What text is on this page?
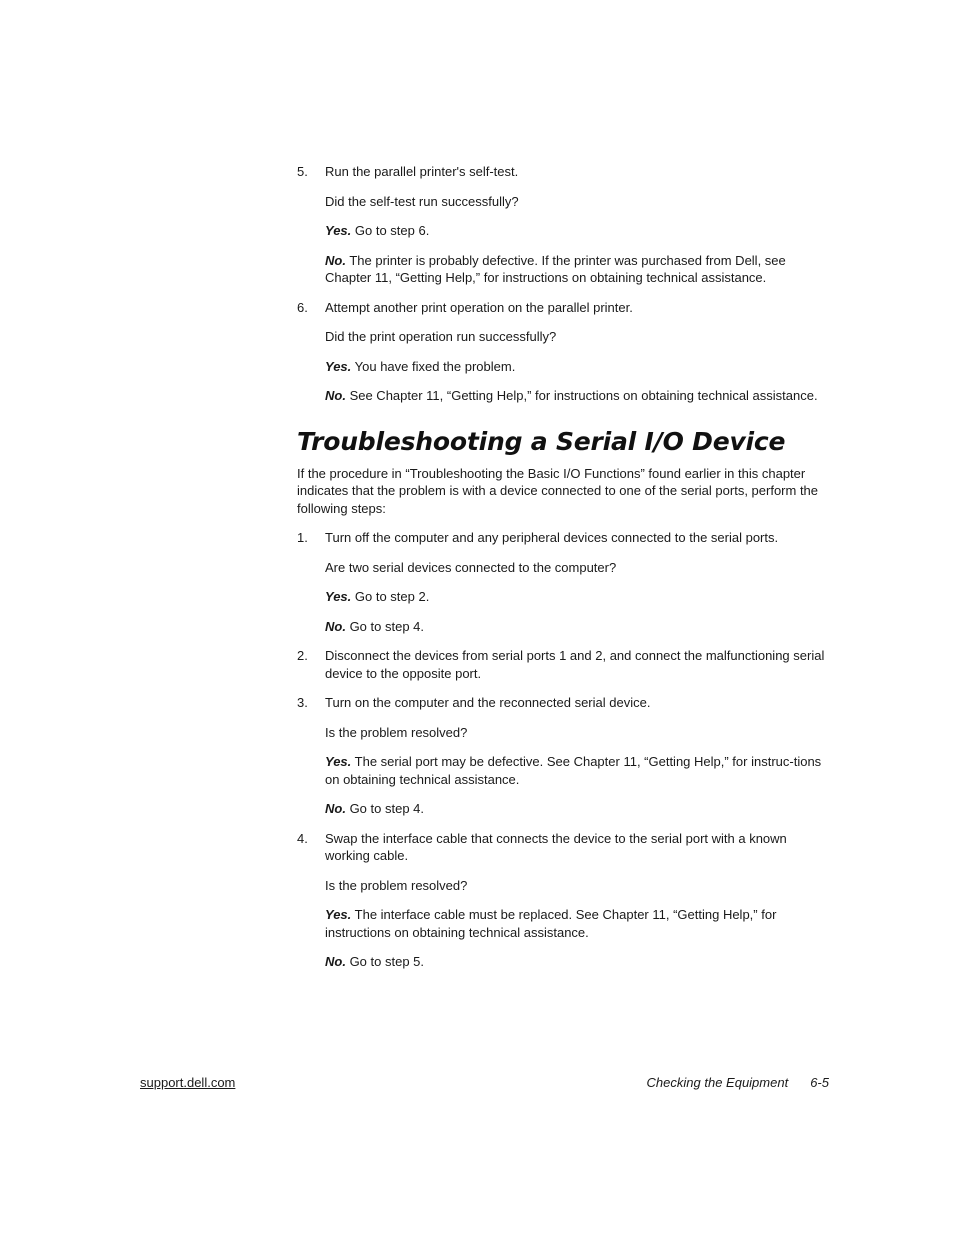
5. Run the parallel printer's self-test.
Did the self-test run successfully?
Yes. Go to step 6.
No. The printer is probably defective. If the printer was purchased from Dell, see Chapter 11, “Getting Help,” for instructions on obtaining technical assistance.
6. Attempt another print operation on the parallel printer.
Did the print operation run successfully?
Yes. You have fixed the problem.
No. See Chapter 11, “Getting Help,” for instructions on obtaining technical assistance.
Troubleshooting a Serial I/O Device
If the procedure in “Troubleshooting the Basic I/O Functions” found earlier in this chapter indicates that the problem is with a device connected to one of the serial ports, perform the following steps:
1. Turn off the computer and any peripheral devices connected to the serial ports.
Are two serial devices connected to the computer?
Yes. Go to step 2.
No. Go to step 4.
2. Disconnect the devices from serial ports 1 and 2, and connect the malfunctioning serial device to the opposite port.
3. Turn on the computer and the reconnected serial device.
Is the problem resolved?
Yes. The serial port may be defective. See Chapter 11, “Getting Help,” for instruc-tions on obtaining technical assistance.
No. Go to step 4.
4. Swap the interface cable that connects the device to the serial port with a known working cable.
Is the problem resolved?
Yes. The interface cable must be replaced. See Chapter 11, “Getting Help,” for instructions on obtaining technical assistance.
No. Go to step 5.
support.dell.com	Checking the Equipment 6-5
